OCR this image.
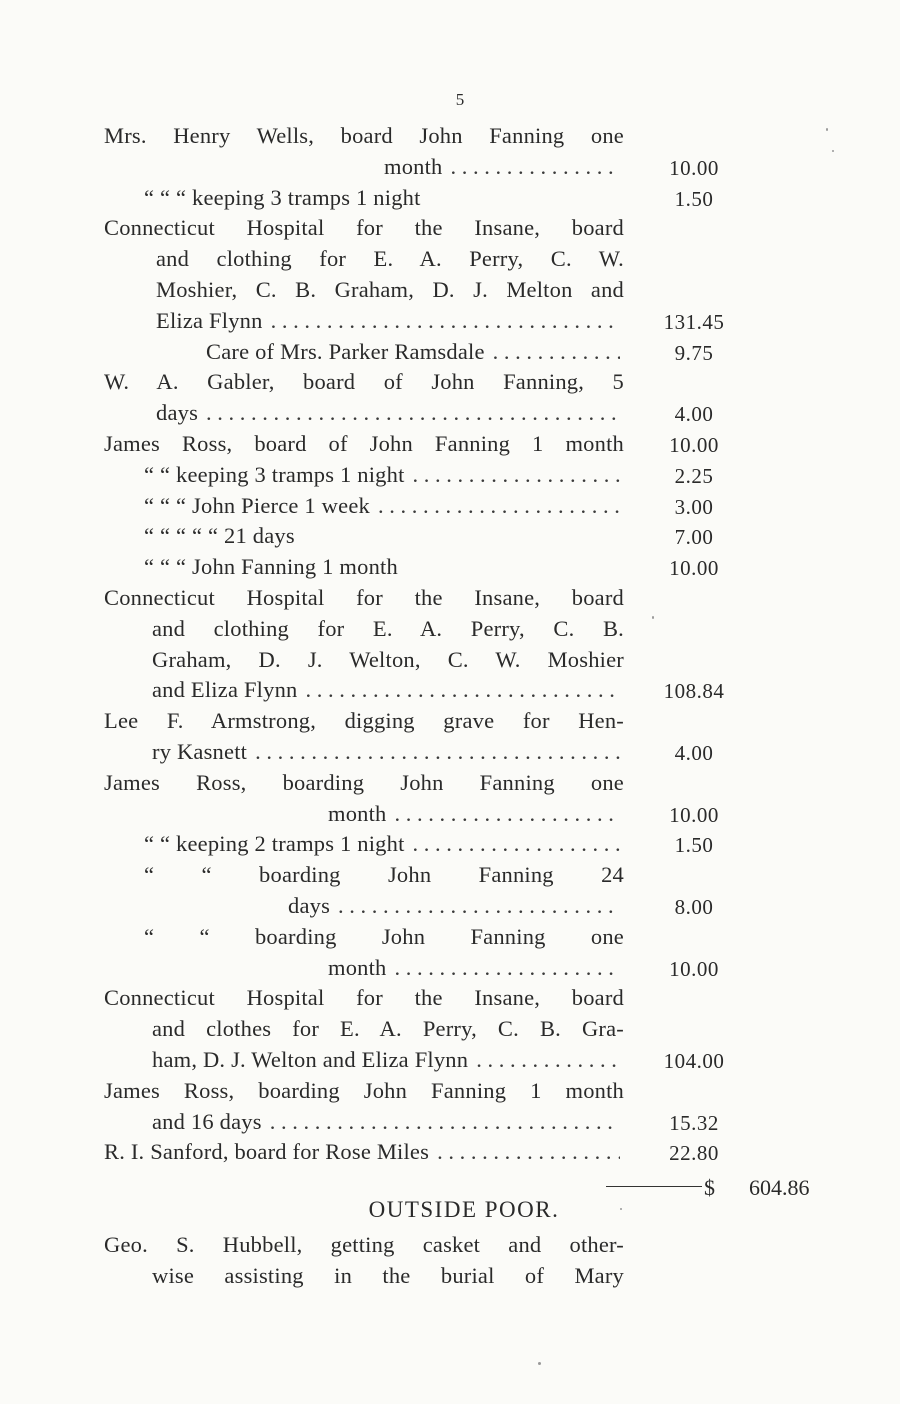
5
Mrs. Henry Wells, board John Fanning one
month . . .	10.00
“ “ “ keeping 3 tramps 1 night	1.50
Connecticut Hospital for the Insane, board
and clothing for E. A. Perry, C. W.
Moshier, C. B. Graham, D. J. Melton and
Eliza Flynn . . .	131.45
Care of Mrs. Parker Ramsdale . . .	9.75
W. A. Gabler, board of John Fanning, 5
days . . .	4.00
James Ross, board of John Fanning 1 month	10.00
“ “ keeping 3 tramps 1 night . . .	2.25
“ “ “ John Pierce 1 week . . .	3.00
“ “ “ “ “ 21 days	7.00
“ “ “ John Fanning 1 month	10.00
Connecticut Hospital for the Insane, board
and clothing for E. A. Perry, C. B.
Graham, D. J. Welton, C. W. Moshier
and Eliza Flynn . . .	108.84
Lee F. Armstrong, digging grave for Hen-
ry Kasnett . . .	4.00
James Ross, boarding John Fanning one
month . . .	10.00
“ “ keeping 2 tramps 1 night . . .	1.50
“ “ boarding John Fanning 24
days . . .	8.00
“ “ boarding John Fanning one
month . . .	10.00
Connecticut Hospital for the Insane, board
and clothes for E. A. Perry, C. B. Gra-
ham, D. J. Welton and Eliza Flynn . . .	104.00
James Ross, boarding John Fanning 1 month
and 16 days . . .	15.32
R. I. Sanford, board for Rose Miles . . .	22.80
$ 604.86
OUTSIDE POOR.
Geo. S. Hubbell, getting casket and other-
wise assisting in the burial of Mary
